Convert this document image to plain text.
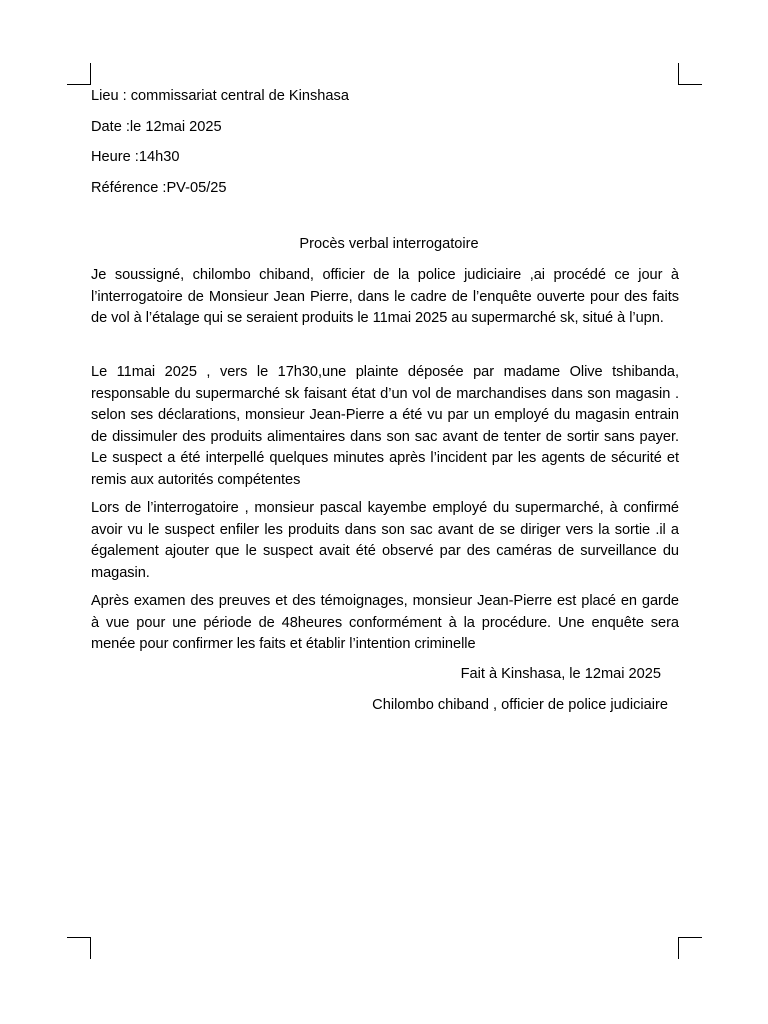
Lieu : commissariat central de Kinshasa
Date :le 12mai 2025
Heure :14h30
Référence :PV-05/25
Procès verbal interrogatoire

Je soussigné, chilombo chiband, officier de la police judiciaire ,ai procédé ce jour à l’interrogatoire de Monsieur Jean Pierre, dans le cadre de l’enquête ouverte pour des faits de vol à l’étalage qui se seraient produits le 11mai 2025 au supermarché sk, situé à l’upn.

Le 11mai 2025 , vers le 17h30,une plainte déposée par madame Olive tshibanda, responsable du supermarché sk faisant état d’un vol de marchandises dans son magasin . selon ses déclarations, monsieur Jean-Pierre a été vu par un employé du magasin entrain de dissimuler des produits alimentaires dans son sac avant de tenter de sortir sans payer. Le suspect a été interpellé quelques minutes après l’incident par les agents de sécurité et remis aux autorités compétentes

Lors de l’interrogatoire , monsieur pascal kayembe employé du supermarché, à confirmé avoir vu le suspect enfiler les produits dans son sac avant de se diriger vers la sortie .il a également ajouter que le suspect avait été observé par des caméras de surveillance du magasin.

Après examen des preuves et des témoignages, monsieur Jean-Pierre est placé en garde à vue pour une période de 48heures conformément à la procédure. Une enquête sera menée pour confirmer les faits et établir l’intention criminelle

Fait à Kinshasa, le 12mai 2025
Chilombo chiband , officier de police judiciaire
